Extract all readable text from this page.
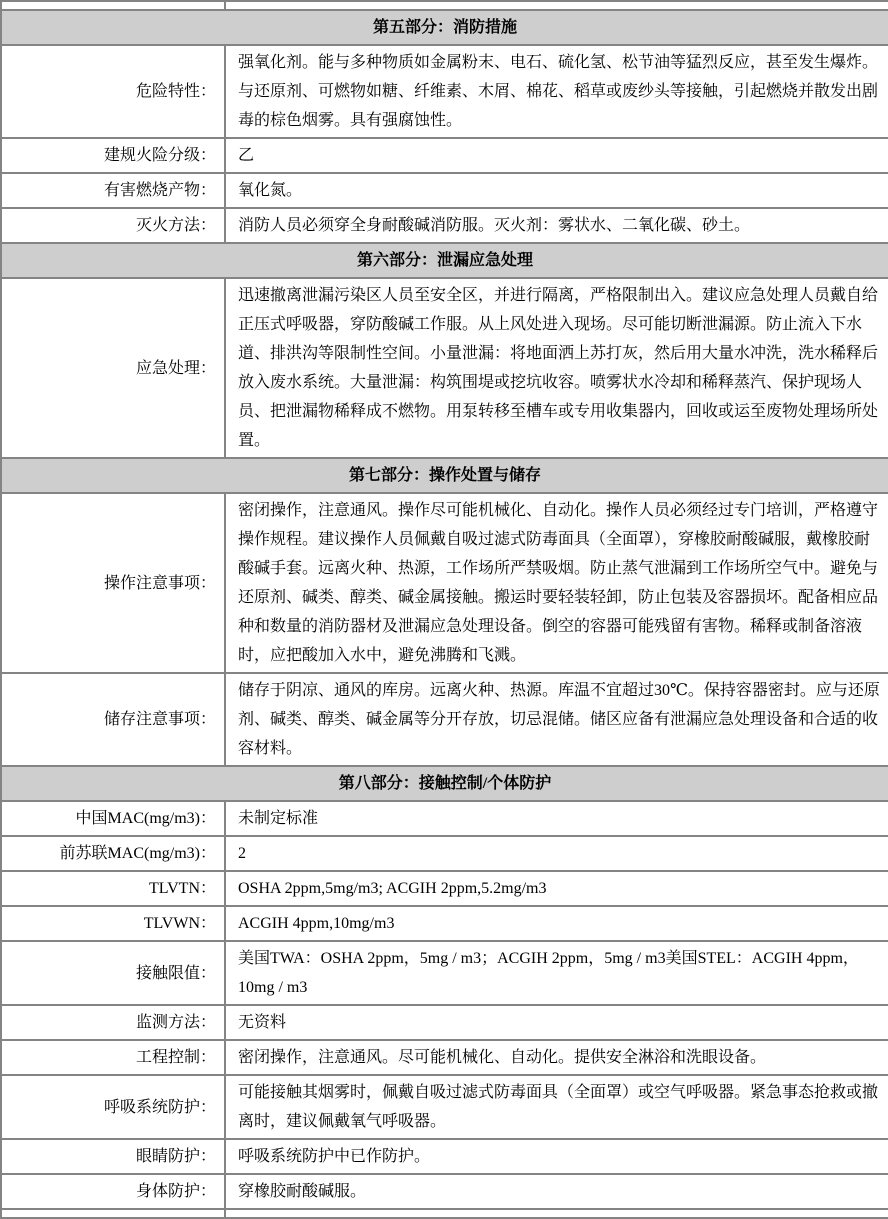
第五部分：消防措施	
危险特性：	强氧化剂。能与多种物质如金属粉末、电石、硫化氢、松节油等猛烈反应，甚至发生爆炸。与还原剂、可燃物如糖、纤维素、木屑、棉花、稻草或废纱头等接触，引起燃烧并散发出剧毒的棕色烟雾。具有强腐蚀性。
建规火险分级：	乙
有害燃烧产物：	氧化氮。
灭火方法：	消防人员必须穿全身耐酸碱消防服。灭火剂：雾状水、二氧化碳、砂土。
第六部分：泄漏应急处理	
应急处理：	迅速撤离泄漏污染区人员至安全区，并进行隔离，严格限制出入。建议应急处理人员戴自给正压式呼吸器，穿防酸碱工作服。从上风处进入现场。尽可能切断泄漏源。防止流入下水道、排洪沟等限制性空间。小量泄漏：将地面洒上苏打灰，然后用大量水冲洗，洗水稀释后放入废水系统。大量泄漏：构筑围堤或挖坑收容。喷雾状水冷却和稀释蒸汽、保护现场人员、把泄漏物稀释成不燃物。用泵转移至槽车或专用收集器内，回收或运至废物处理场所处置。
第七部分：操作处置与储存	
操作注意事项：	密闭操作，注意通风。操作尽可能机械化、自动化。操作人员必须经过专门培训，严格遵守操作规程。建议操作人员佩戴自吸过滤式防毒面具（全面罩），穿橡胶耐酸碱服，戴橡胶耐酸碱手套。远离火种、热源，工作场所严禁吸烟。防止蒸气泄漏到工作场所空气中。避免与还原剂、碱类、醇类、碱金属接触。搬运时要轻装轻卸，防止包装及容器损坏。配备相应品种和数量的消防器材及泄漏应急处理设备。倒空的容器可能残留有害物。稀释或制备溶液时，应把酸加入水中，避免沸腾和飞溅。
储存注意事项：	储存于阴凉、通风的库房。远离火种、热源。库温不宜超过30℃。保持容器密封。应与还原剂、碱类、醇类、碱金属等分开存放，切忌混储。储区应备有泄漏应急处理设备和合适的收容材料。
第八部分：接触控制/个体防护	
中国MAC(mg/m3)：	未制定标准
前苏联MAC(mg/m3)：	2
TLVTN：	OSHA 2ppm,5mg/m3; ACGIH 2ppm,5.2mg/m3
TLVWN：	ACGIH 4ppm,10mg/m3
接触限值：	美国TWA：OSHA 2ppm，5mg / m3；ACGIH 2ppm，5mg / m3美国STEL：ACGIH 4ppm，10mg / m3
监测方法：	无资料
工程控制：	密闭操作，注意通风。尽可能机械化、自动化。提供安全淋浴和洗眼设备。
呼吸系统防护：	可能接触其烟雾时，佩戴自吸过滤式防毒面具（全面罩）或空气呼吸器。紧急事态抢救或撤离时，建议佩戴氧气呼吸器。
眼睛防护：	呼吸系统防护中已作防护。
身体防护：	穿橡胶耐酸碱服。
